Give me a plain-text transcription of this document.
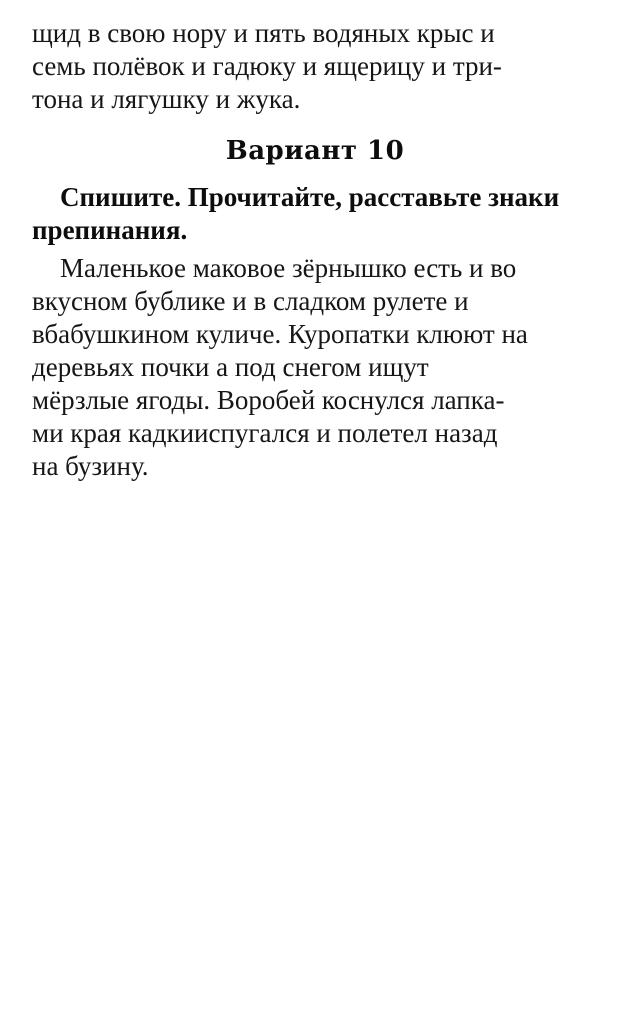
щид в свою нору и пять водяных крыс и

семь полёвок и гадюку и ящерицу и три-

тона и лягушку и жука.

Вариант 10

Спишите. Прочитайте, расставьте знаки

препинания.

Маленькое маковое зёрнышко есть и во

вкусном бублике и в сладком рулете и

вбабушкином куличе. Куропатки клюют на

деревьях почки а под снегом ищут

мёрзлые ягоды. Воробей коснулся лапка-

ми края кадкииспугался и полетел назад

на бузину.
